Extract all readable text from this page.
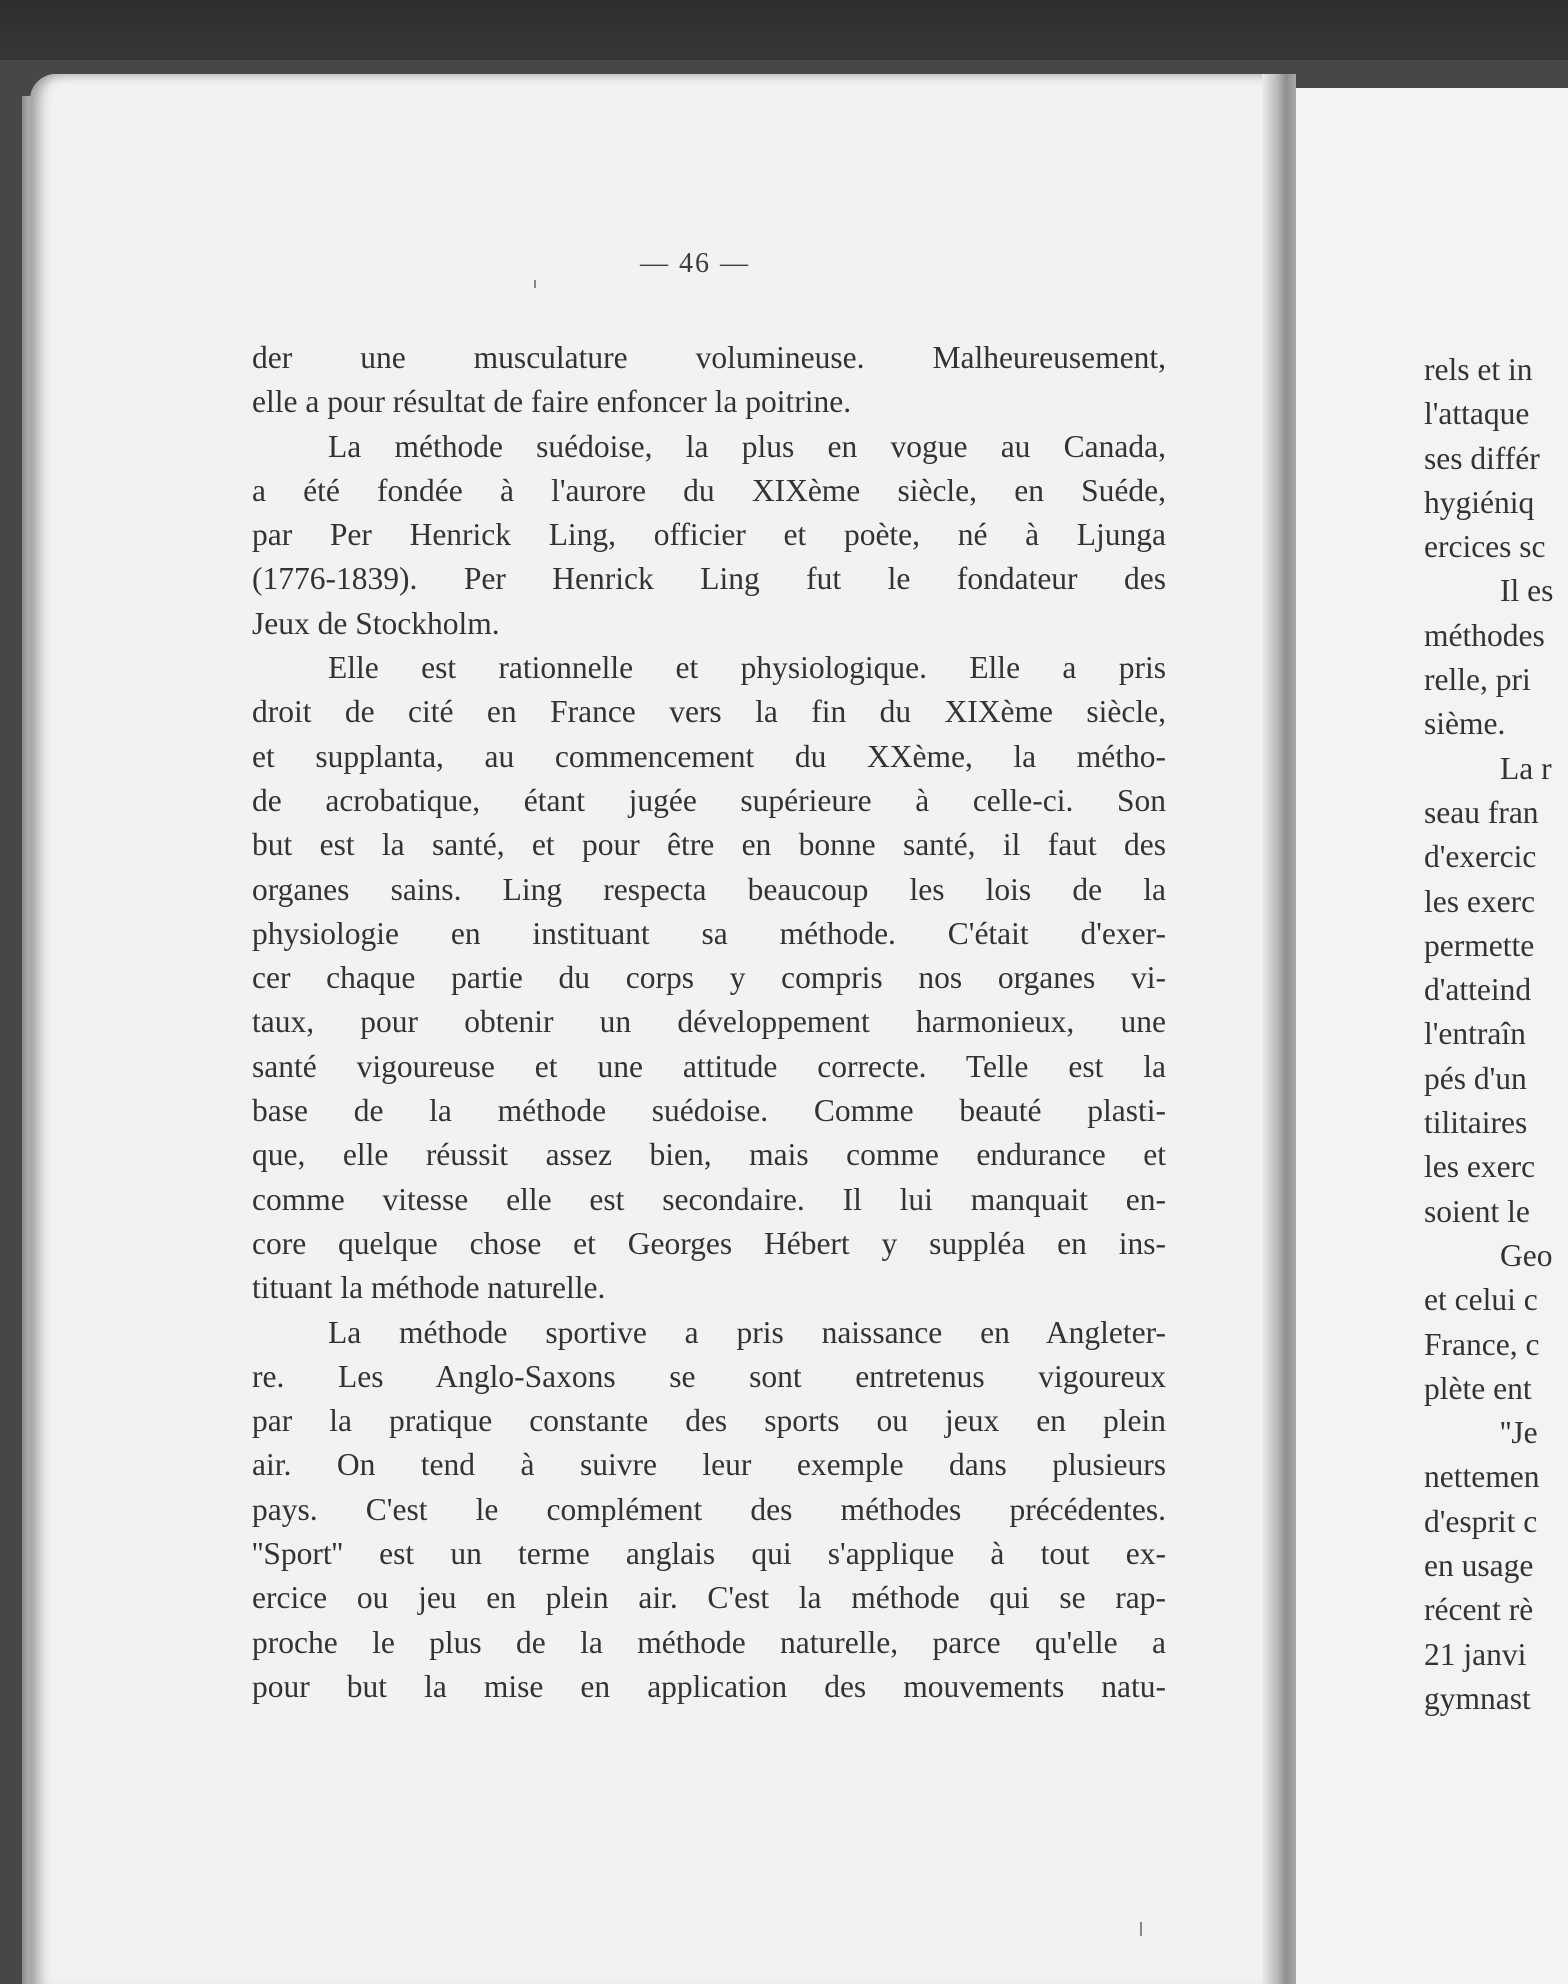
— 46 —
der une musculature volumineuse. Malheureusement,
elle a pour résultat de faire enfoncer la poitrine.
La méthode suédoise, la plus en vogue au Canada,
a été fondée à l'aurore du XIXème siècle, en Suéde,
par Per Henrick Ling, officier et poète, né à Ljunga
(1776-1839). Per Henrick Ling fut le fondateur des
Jeux de Stockholm.
Elle est rationnelle et physiologique. Elle a pris
droit de cité en France vers la fin du XIXème siècle,
et supplanta, au commencement du XXème, la métho-
de acrobatique, étant jugée supérieure à celle-ci. Son
but est la santé, et pour être en bonne santé, il faut des
organes sains. Ling respecta beaucoup les lois de la
physiologie en instituant sa méthode. C'était d'exer-
cer chaque partie du corps y compris nos organes vi-
taux, pour obtenir un développement harmonieux, une
santé vigoureuse et une attitude correcte. Telle est la
base de la méthode suédoise. Comme beauté plasti-
que, elle réussit assez bien, mais comme endurance et
comme vitesse elle est secondaire. Il lui manquait en-
core quelque chose et Georges Hébert y suppléa en ins-
tituant la méthode naturelle.
La méthode sportive a pris naissance en Angleter-
re. Les Anglo-Saxons se sont entretenus vigoureux
par la pratique constante des sports ou jeux en plein
air. On tend à suivre leur exemple dans plusieurs
pays. C'est le complément des méthodes précédentes.
''Sport'' est un terme anglais qui s'applique à tout ex-
ercice ou jeu en plein air. C'est la méthode qui se rap-
proche le plus de la méthode naturelle, parce qu'elle a
pour but la mise en application des mouvements natu-
rels et in
l'attaque
ses différ
hygiéniq
ercices sc
Il es
méthodes
relle, pri
sième.
La r
seau fran
d'exercic
les exerc
permette
d'atteind
l'entraîn
pés d'un
tilitaires
les exerc
soient le
Geo
et celui c
France, c
plète ent
''Je
nettemen
d'esprit c
en usage
récent rè
21 janvi
gymnast
